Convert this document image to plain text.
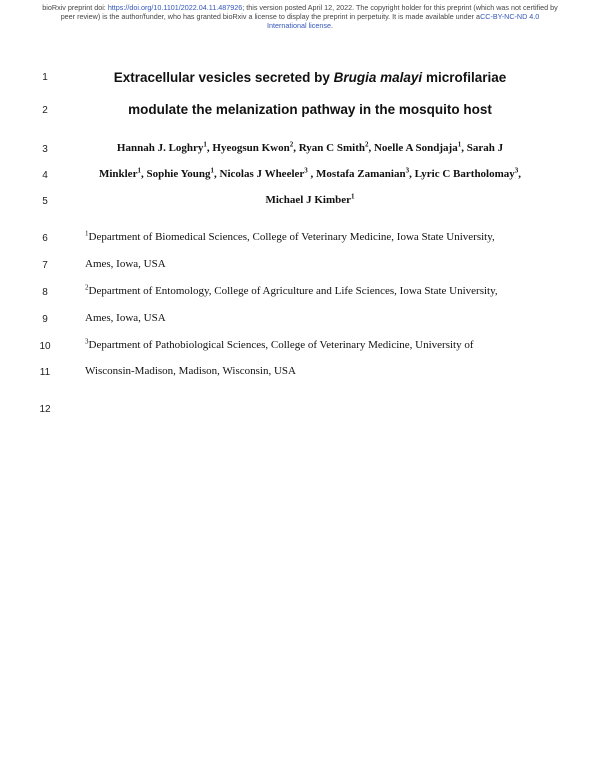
bioRxiv preprint doi: https://doi.org/10.1101/2022.04.11.487926; this version posted April 12, 2022. The copyright holder for this preprint (which was not certified by peer review) is the author/funder, who has granted bioRxiv a license to display the preprint in perpetuity. It is made available under aCC-BY-NC-ND 4.0 International license.
1
2
3
4
5
6
7
8
9
10
11
12
Extracellular vesicles secreted by Brugia malayi microfilariae
modulate the melanization pathway in the mosquito host
Hannah J. Loghry$^1$, Hyeogsun Kwon$^2$, Ryan C Smith$^2$, Noelle A Sondjaja$^1$, Sarah J
Minkler$^1$, Sophie Young$^1$, Nicolas J Wheeler$^3$ , Mostafa Zamanian$^3$, Lyric C Bartholomay$^3$,
Michael J Kimber$^1$
$^1$Department of Biomedical Sciences, College of Veterinary Medicine, Iowa State University,
Ames, Iowa, USA
$^2$Department of Entomology, College of Agriculture and Life Sciences, Iowa State University,
Ames, Iowa, USA
$^3$Department of Pathobiological Sciences, College of Veterinary Medicine, University of
Wisconsin-Madison, Madison, Wisconsin, USA
